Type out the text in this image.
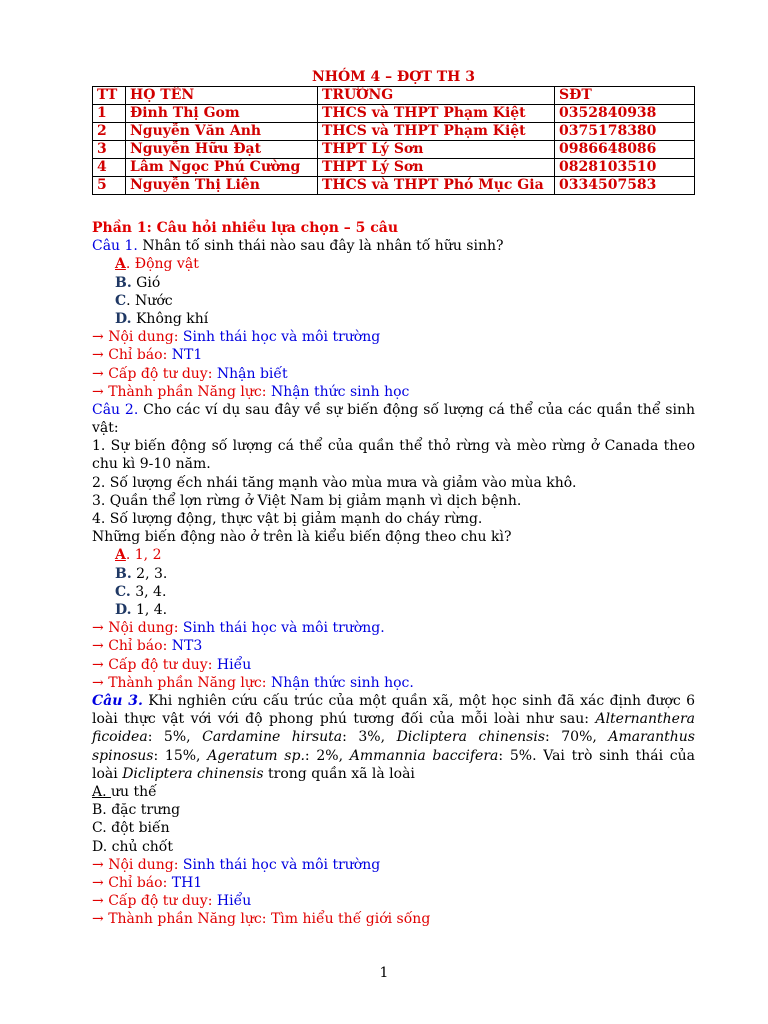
NHÓM 4 – ĐỢT TH 3
TT	HỌ TÊN	TRƯỜNG	SĐT
1	Đinh Thị Gom	THCS và THPT Phạm Kiệt	0352840938
2	Nguyễn Văn Anh	THCS và THPT Phạm Kiệt	0375178380
3	Nguyễn Hữu Đạt	THPT Lý Sơn	0986648086
4	Lâm Ngọc Phú Cường	THPT Lý Sơn	0828103510
5	Nguyễn Thị Liên	THCS và THPT Phó Mục Gia	0334507583
Phần 1: Câu hỏi nhiều lựa chọn – 5 câu
Câu 1. Nhân tố sinh thái nào sau đây là nhân tố hữu sinh?
A. Động vật
B. Gió
C. Nước
D. Không khí
→ Nội dung: Sinh thái học và môi trường
→ Chỉ báo: NT1
→ Cấp độ tư duy: Nhận biết
→ Thành phần Năng lực: Nhận thức sinh học
Câu 2. Cho các ví dụ sau đây về sự biến động số lượng cá thể của các quần thể sinh vật:
1. Sự biến động số lượng cá thể của quần thể thỏ rừng và mèo rừng ở Canada theo chu kì 9-10 năm.
2. Số lượng ếch nhái tăng mạnh vào mùa mưa và giảm vào mùa khô.
3. Quần thể lợn rừng ở Việt Nam bị giảm mạnh vì dịch bệnh.
4. Số lượng động, thực vật bị giảm mạnh do cháy rừng.
Những biến động nào ở trên là kiểu biến động theo chu kì?
A. 1, 2
B. 2, 3.
C. 3, 4.
D. 1, 4.
→ Nội dung: Sinh thái học và môi trường.
→ Chỉ báo: NT3
→ Cấp độ tư duy: Hiểu
→ Thành phần Năng lực: Nhận thức sinh học.
Câu 3. Khi nghiên cứu cấu trúc của một quần xã, một học sinh đã xác định được 6 loài thực vật với với độ phong phú tương đối của mỗi loài như sau: Alternanthera ficoidea: 5%, Cardamine hirsuta: 3%, Dicliptera chinensis: 70%, Amaranthus spinosus: 15%, Ageratum sp.: 2%, Ammannia baccifera: 5%. Vai trò sinh thái của loài Dicliptera chinensis trong quần xã là loài
A. ưu thế
B. đặc trưng
C. đột biến
D. chủ chốt
→ Nội dung: Sinh thái học và môi trường
→ Chỉ báo: TH1
→ Cấp độ tư duy: Hiểu
→ Thành phần Năng lực: Tìm hiểu thế giới sống
1
